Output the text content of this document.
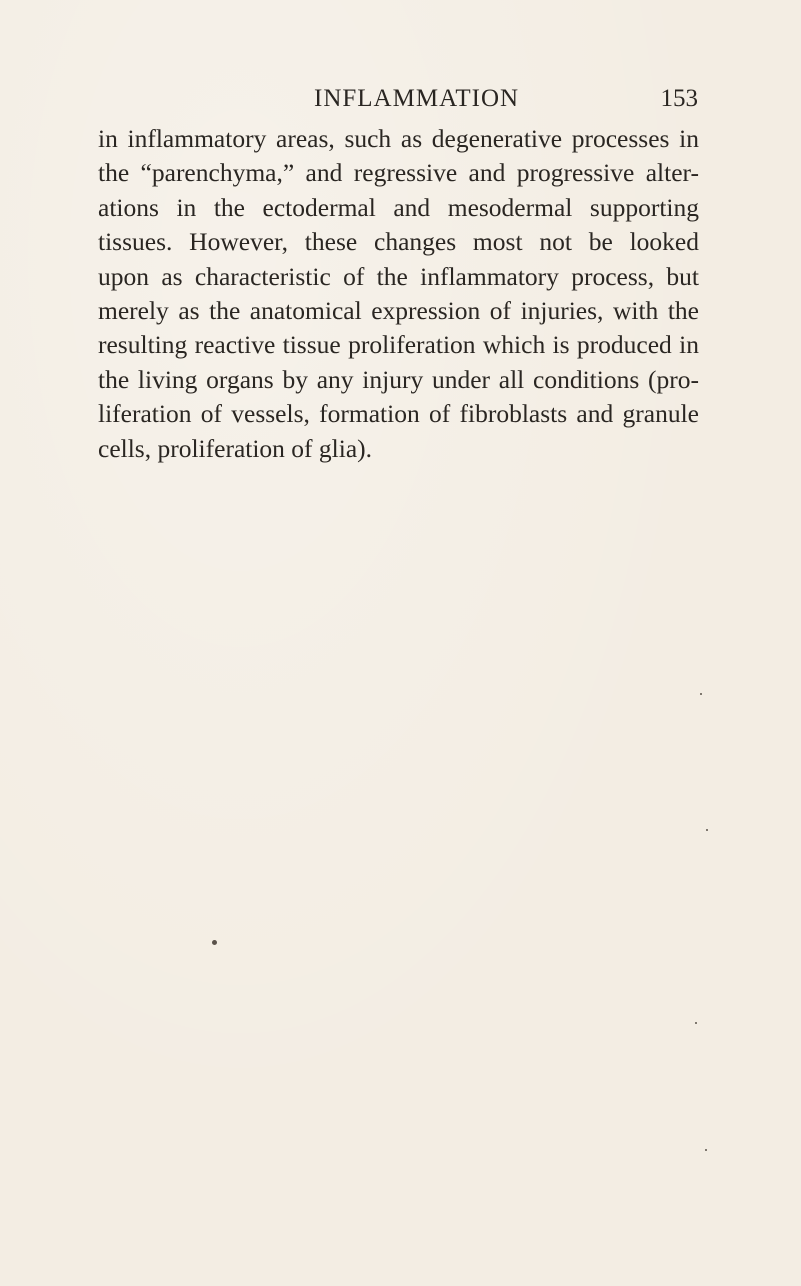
INFLAMMATION	153
in inflammatory areas, such as degenerative processes in
the “parenchyma,” and regressive and progressive alter-
ations in the ectodermal and mesodermal supporting
tissues. However, these changes most not be looked
upon as characteristic of the inflammatory process, but
merely as the anatomical expression of injuries, with the
resulting reactive tissue proliferation which is produced in
the living organs by any injury under all conditions (pro-
liferation of vessels, formation of fibroblasts and granule
cells, proliferation of glia).
